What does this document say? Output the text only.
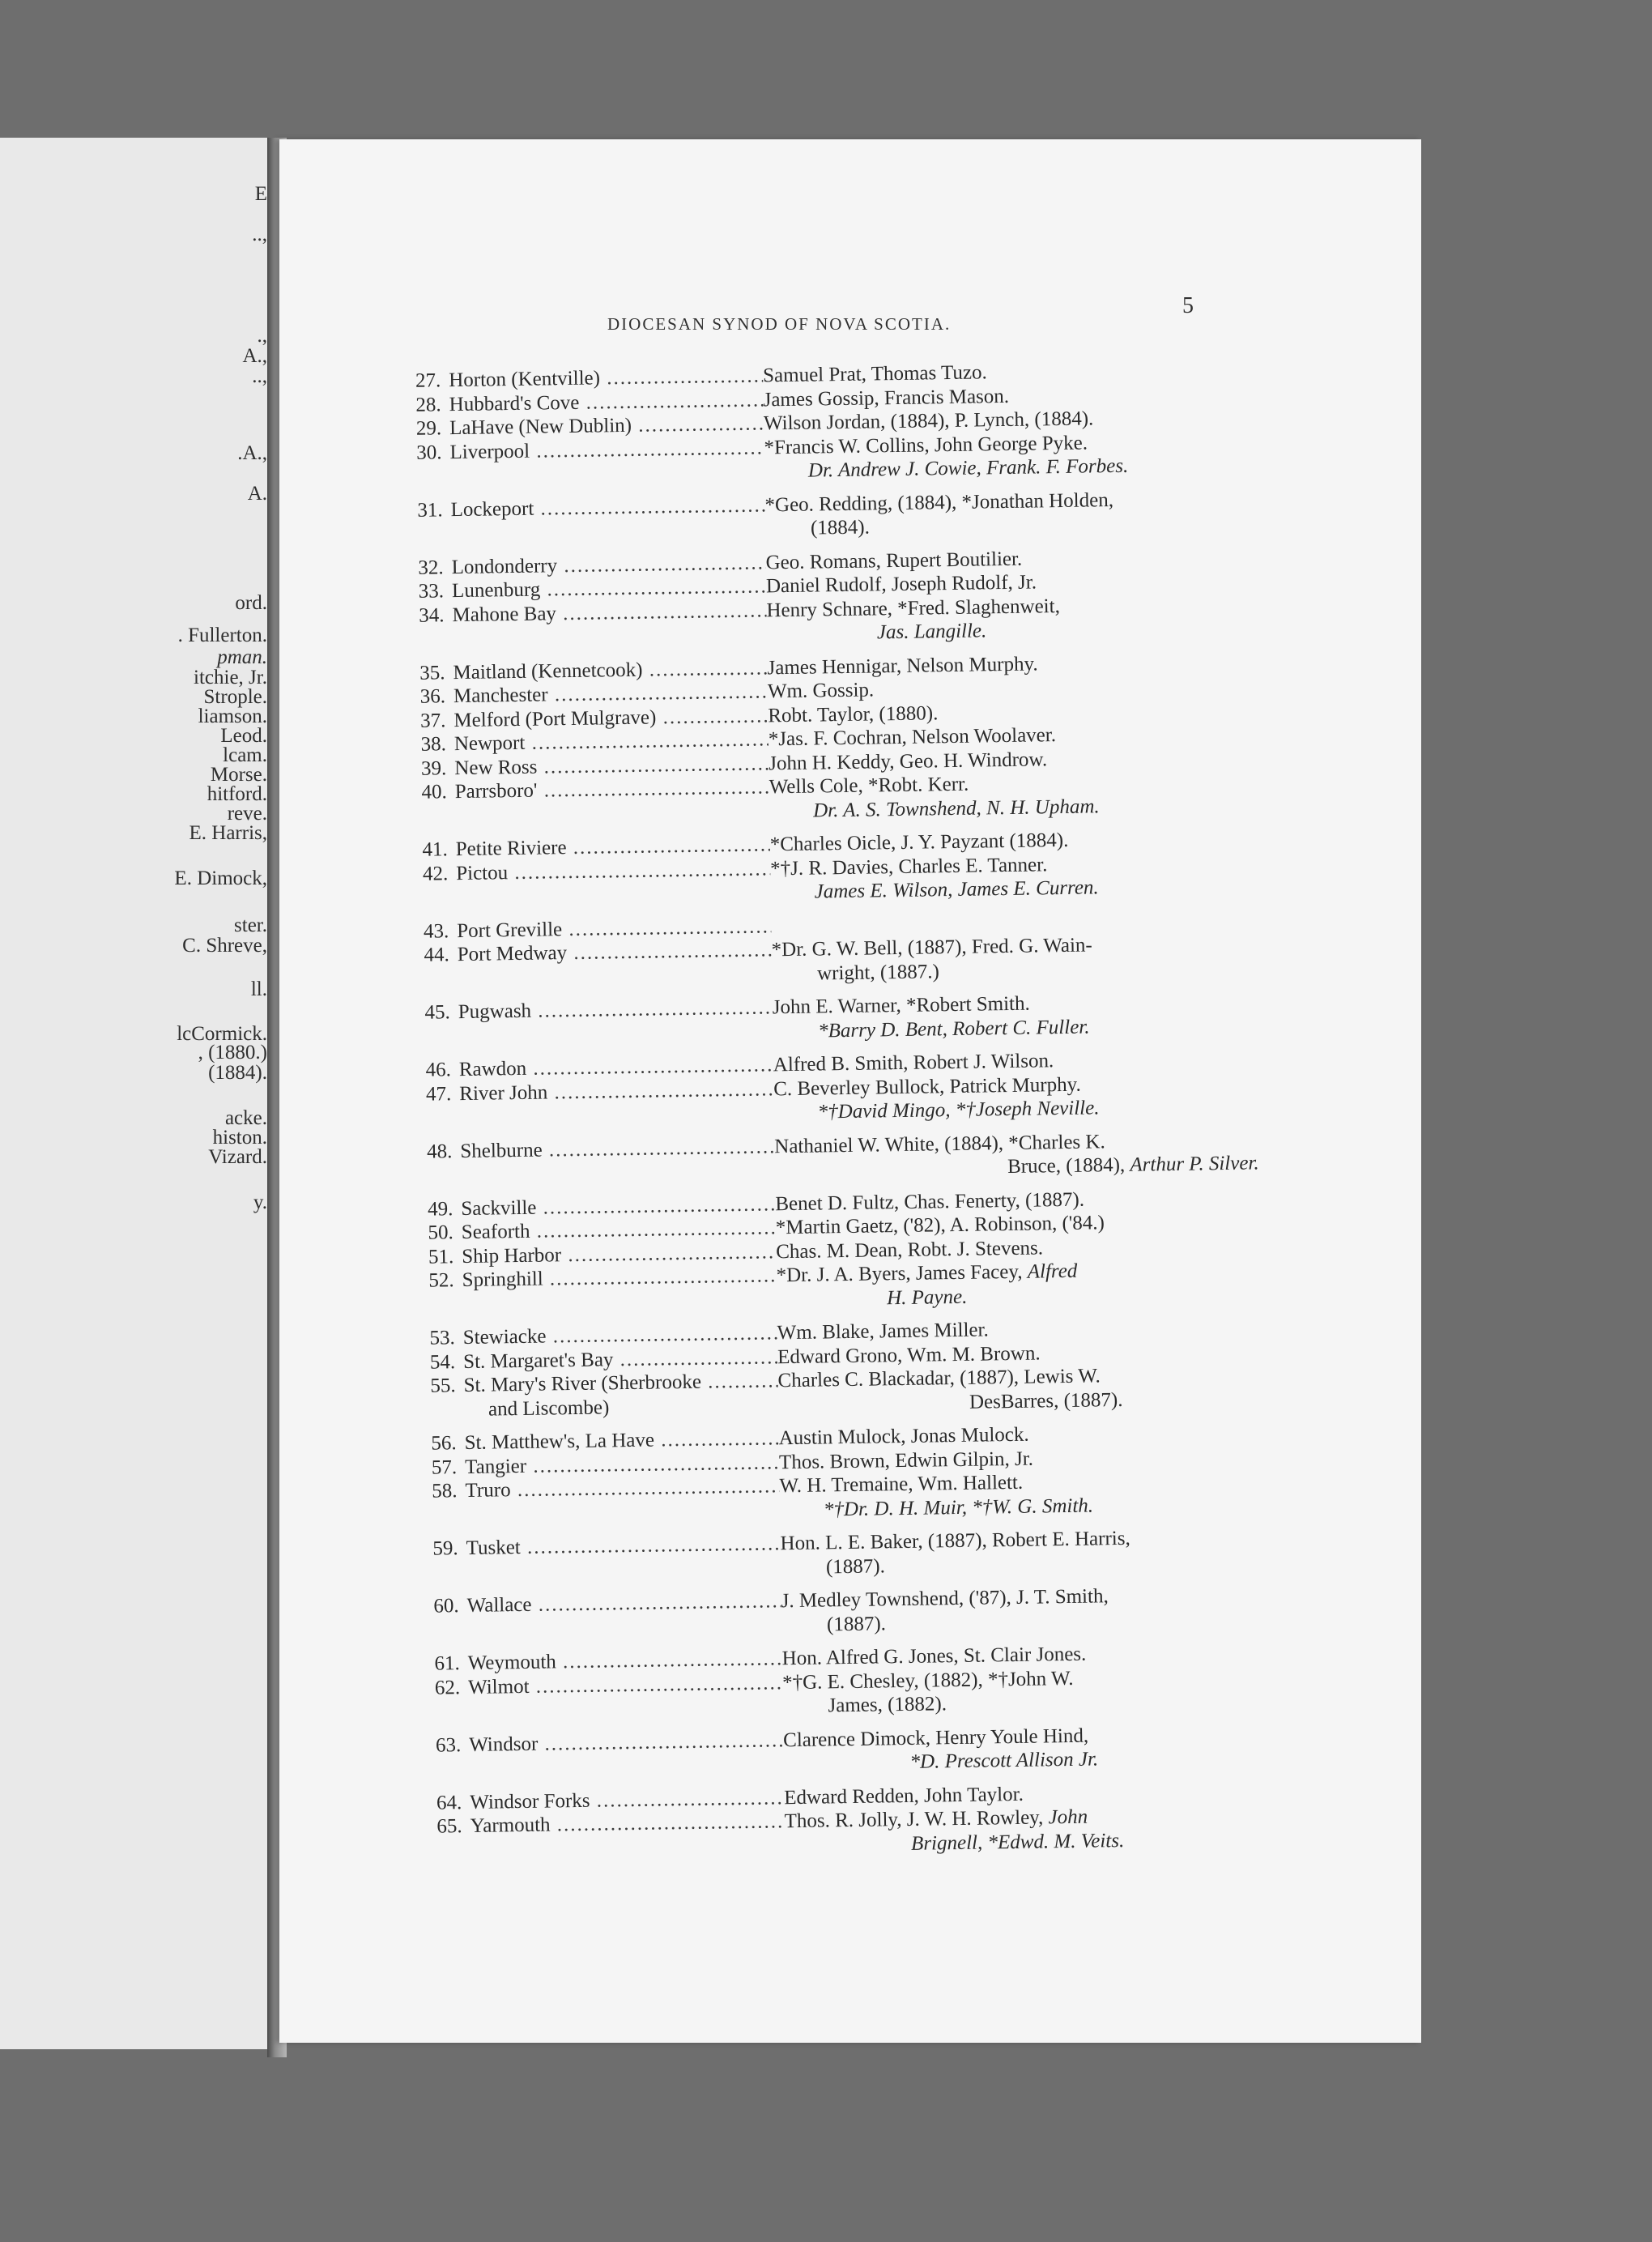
E
..,
.,
A.,
..,
.A.,
A.
ord.
. Fullerton.
pman.
itchie, Jr.
Strople.
liamson.
Leod.
lcam.
Morse.
hitford.
reve.
E. Harris,
E. Dimock,
ster.
C. Shreve,
ll.
lcCormick.
, (1880.)
(1884).
acke.
histon.
Vizard.
y.
DIOCESAN SYNOD OF NOVA SCOTIA.
5
27. Horton (Kentville) .....	Samuel Prat, Thomas Tuzo.
28. Hubbard's Cove .....	James Gossip, Francis Mason.
29. LaHave (New Dublin) .....	Wilson Jordan, (1884), P. Lynch, (1884).
30. Liverpool .....	*Francis W. Collins, John George Pyke.
Dr. Andrew J. Cowie, Frank. F. Forbes.
31. Lockeport .....	*Geo. Redding, (1884), *Jonathan Holden,
(1884).
32. Londonderry .....	Geo. Romans, Rupert Boutilier.
33. Lunenburg .....	Daniel Rudolf, Joseph Rudolf, Jr.
34. Mahone Bay .....	Henry Schnare, *Fred. Slaghenweit,
Jas. Langille.
35. Maitland (Kennetcook) .....	James Hennigar, Nelson Murphy.
36. Manchester .....	Wm. Gossip.
37. Melford (Port Mulgrave) .....	Robt. Taylor, (1880).
38. Newport .....	*Jas. F. Cochran, Nelson Woolaver.
39. New Ross .....	John H. Keddy, Geo. H. Windrow.
40. Parrsboro' .....	Wells Cole, *Robt. Kerr.
Dr. A. S. Townshend, N. H. Upham.
41. Petite Riviere .....	*Charles Oicle, J. Y. Payzant (1884).
42. Pictou .....	*†J. R. Davies, Charles E. Tanner.
James E. Wilson, James E. Curren.
43. Port Greville .....
44. Port Medway .....	*Dr. G. W. Bell, (1887), Fred. G. Wain-
wright, (1887.)
45. Pugwash .....	John E. Warner, *Robert Smith.
*Barry D. Bent, Robert C. Fuller.
46. Rawdon .....	Alfred B. Smith, Robert J. Wilson.
47. River John .....	C. Beverley Bullock, Patrick Murphy.
*†David Mingo, *†Joseph Neville.
48. Shelburne .....	Nathaniel W. White, (1884), *Charles K.
Bruce, (1884), Arthur P. Silver.
49. Sackville .....	Benet D. Fultz, Chas. Fenerty, (1887).
50. Seaforth .....	*Martin Gaetz, ('82), A. Robinson, ('84.)
51. Ship Harbor .....	Chas. M. Dean, Robt. J. Stevens.
52. Springhill .....	*Dr. J. A. Byers, James Facey, Alfred
H. Payne.
53. Stewiacke .....	Wm. Blake, James Miller.
54. St. Margaret's Bay .....	Edward Grono, Wm. M. Brown.
55. St. Mary's River (Sherbrooke .....	Charles C. Blackadar, (1887), Lewis W.
and Liscombe)	DesBarres, (1887).
56. St. Matthew's, La Have .....	Austin Mulock, Jonas Mulock.
57. Tangier .....	Thos. Brown, Edwin Gilpin, Jr.
58. Truro .....	W. H. Tremaine, Wm. Hallett.
*†Dr. D. H. Muir, *†W. G. Smith.
59. Tusket .....	Hon. L. E. Baker, (1887), Robert E. Harris,
(1887).
60. Wallace .....	J. Medley Townshend, ('87), J. T. Smith,
(1887).
61. Weymouth .....	Hon. Alfred G. Jones, St. Clair Jones.
62. Wilmot .....	*†G. E. Chesley, (1882), *†John W.
James, (1882).
63. Windsor .....	Clarence Dimock, Henry Youle Hind,
*D. Prescott Allison Jr.
64. Windsor Forks .....	Edward Redden, John Taylor.
65. Yarmouth .....	Thos. R. Jolly, J. W. H. Rowley, John
Brignell, *Edwd. M. Veits.
